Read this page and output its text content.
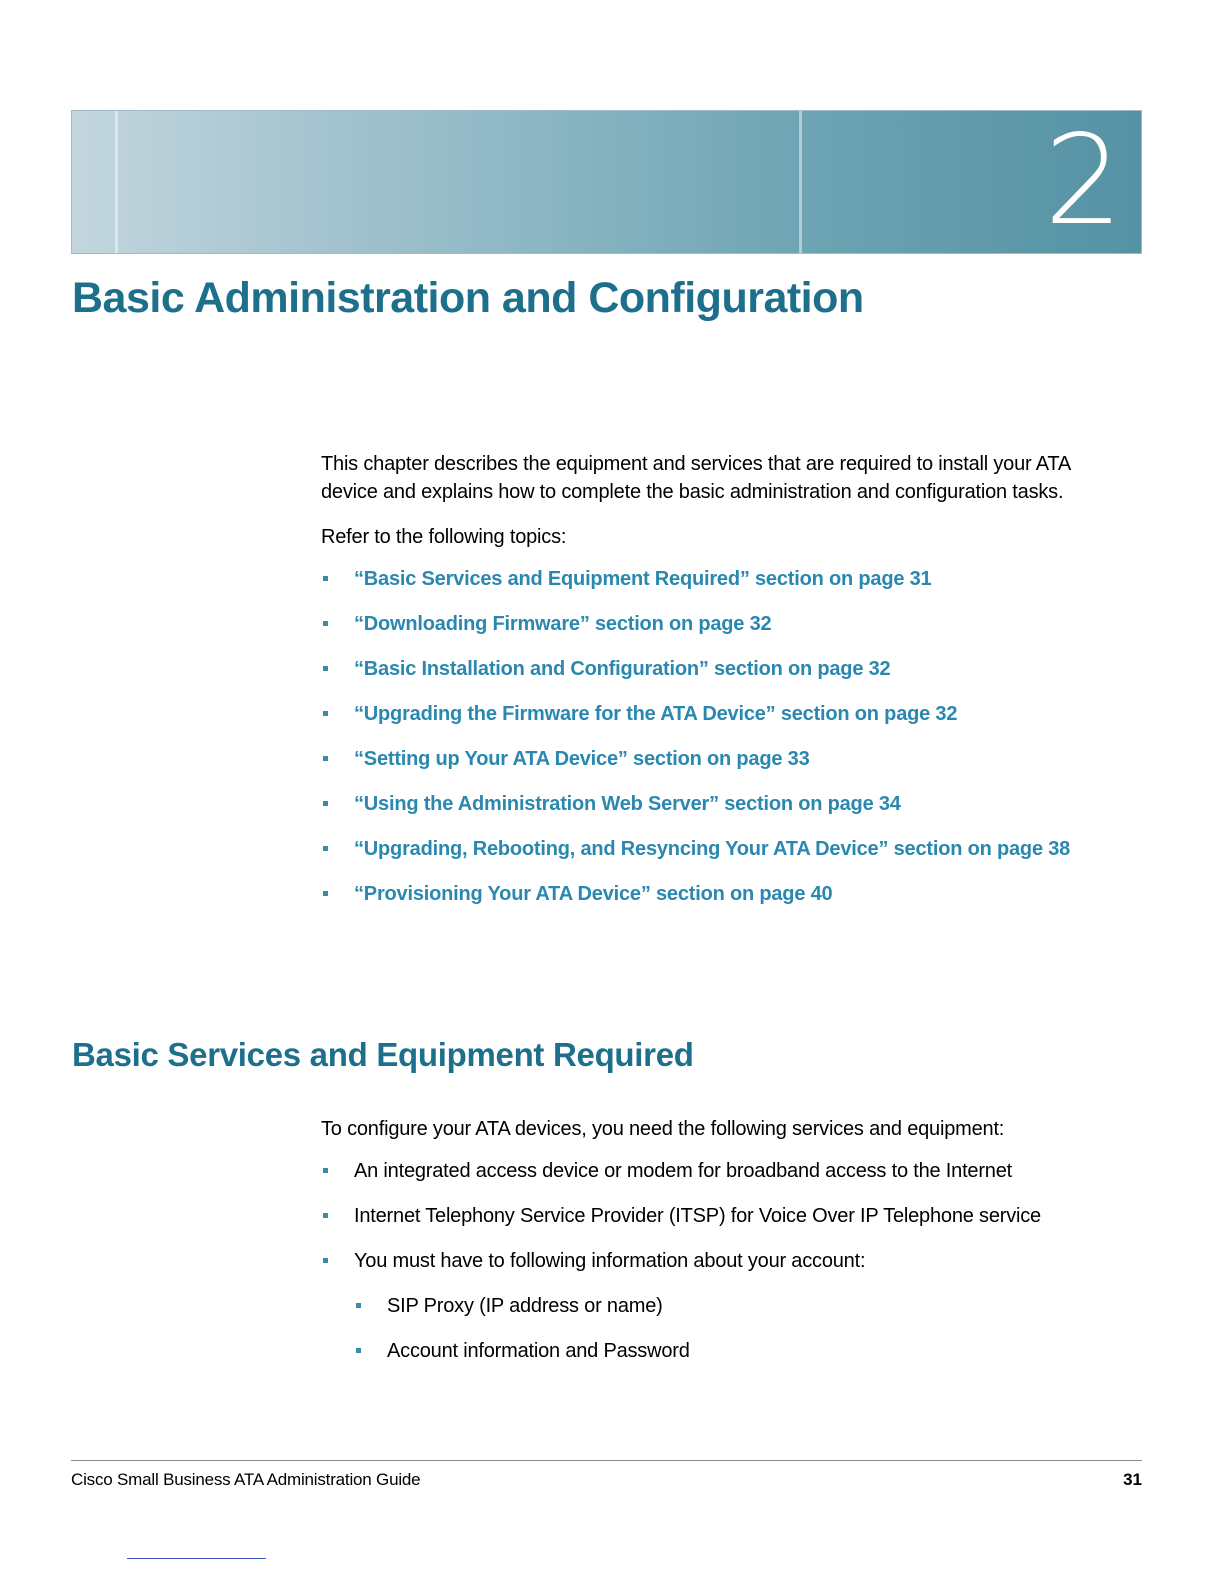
2
Basic Administration and Configuration

This chapter describes the equipment and services that are required to install your ATA device and explains how to complete the basic administration and configuration tasks.

Refer to the following topics:

“Basic Services and Equipment Required” section on page 31
“Downloading Firmware” section on page 32
“Basic Installation and Configuration” section on page 32
“Upgrading the Firmware for the ATA Device” section on page 32
“Setting up Your ATA Device” section on page 33
“Using the Administration Web Server” section on page 34
“Upgrading, Rebooting, and Resyncing Your ATA Device” section on page 38
“Provisioning Your ATA Device” section on page 40
Basic Services and Equipment Required

To configure your ATA devices, you need the following services and equipment:

An integrated access device or modem for broadband access to the Internet
Internet Telephony Service Provider (ITSP) for Voice Over IP Telephone service
You must have to following information about your account:
SIP Proxy (IP address or name)
Account information and Password
Cisco Small Business ATA Administration Guide	31
